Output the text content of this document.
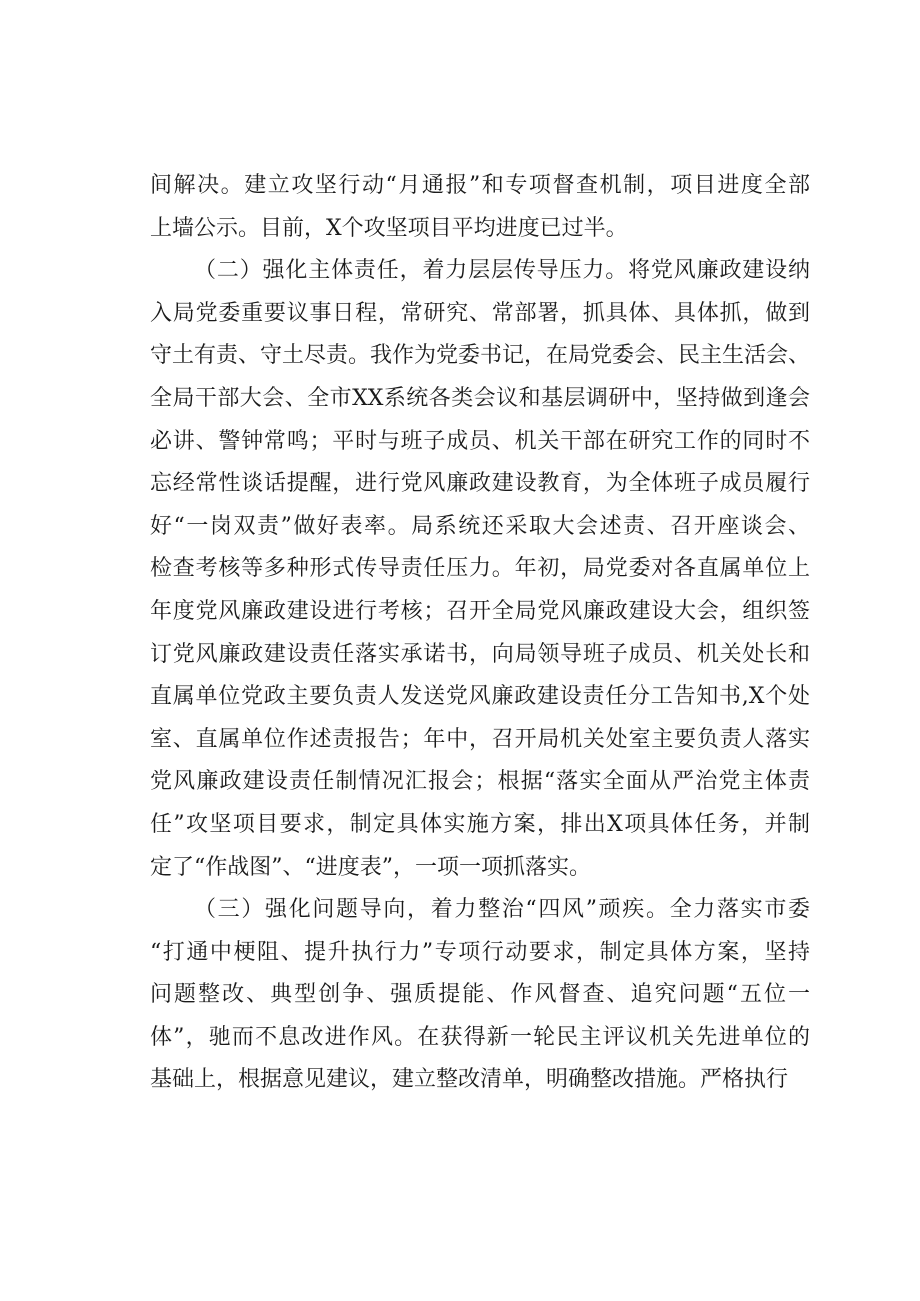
间解决。建立攻坚行动“月通报”和专项督查机制，项目进度全部
上墙公示。目前，X个攻坚项目平均进度已过半。
（二）强化主体责任，着力层层传导压力。将党风廉政建设纳
入局党委重要议事日程，常研究、常部署，抓具体、具体抓，做到
守土有责、守土尽责。我作为党委书记，在局党委会、民主生活会、
全局干部大会、全市XX系统各类会议和基层调研中，坚持做到逢会
必讲、警钟常鸣；平时与班子成员、机关干部在研究工作的同时不
忘经常性谈话提醒，进行党风廉政建设教育，为全体班子成员履行
好“一岗双责”做好表率。局系统还采取大会述责、召开座谈会、
检查考核等多种形式传导责任压力。年初，局党委对各直属单位上
年度党风廉政建设进行考核；召开全局党风廉政建设大会，组织签
订党风廉政建设责任落实承诺书，向局领导班子成员、机关处长和
直属单位党政主要负责人发送党风廉政建设责任分工告知书,X个处
室、直属单位作述责报告；年中，召开局机关处室主要负责人落实
党风廉政建设责任制情况汇报会；根据“落实全面从严治党主体责
任”攻坚项目要求，制定具体实施方案，排出X项具体任务，并制
定了“作战图”、“进度表”，一项一项抓落实。
（三）强化问题导向，着力整治“四风”顽疾。全力落实市委
“打通中梗阻、提升执行力”专项行动要求，制定具体方案，坚持
问题整改、典型创争、强质提能、作风督查、追究问题“五位一
体”，驰而不息改进作风。在获得新一轮民主评议机关先进单位的
基础上，根据意见建议，建立整改清单，明确整改措施。严格执行
